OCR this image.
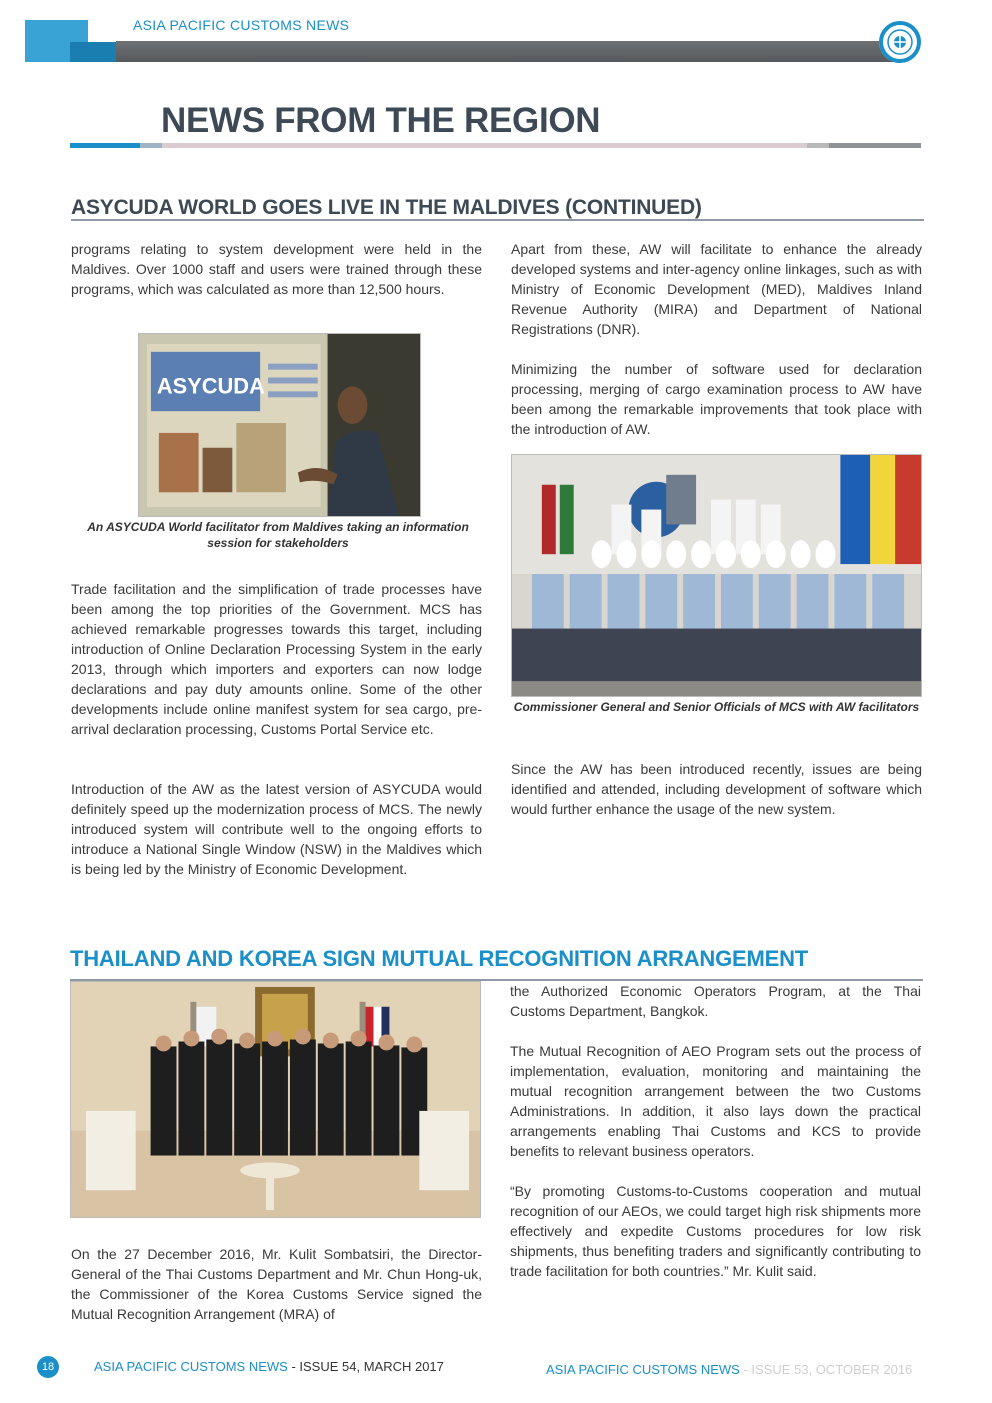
ASIA PACIFIC CUSTOMS NEWS
NEWS FROM THE REGION
ASYCUDA WORLD GOES LIVE IN THE MALDIVES (CONTINUED)
programs relating to system development were held in the Maldives. Over 1000 staff and users were trained through these programs, which was calculated as more than 12,500 hours.
ASYCUDA
An ASYCUDA World facilitator from Maldives taking an information session for stakeholders
Trade facilitation and the simplification of trade processes have been among the top priorities of the Government. MCS has achieved remarkable progresses towards this target, including introduction of Online Declaration Processing System in the early 2013, through which importers and exporters can now lodge declarations and pay duty amounts online. Some of the other developments include online manifest system for sea cargo, pre-arrival declaration processing, Customs Portal Service etc.
Introduction of the AW as the latest version of ASYCUDA would definitely speed up the modernization process of MCS. The newly introduced system will contribute well to the ongoing efforts to introduce a National Single Window (NSW) in the Maldives which is being led by the Ministry of Economic Development.
Apart from these, AW will facilitate to enhance the already developed systems and inter-agency online linkages, such as with Ministry of Economic Development (MED), Maldives Inland Revenue Authority (MIRA) and Department of National Registrations (DNR).
Minimizing the number of software used for declaration processing, merging of cargo examination process to AW have been among the remarkable improvements that took place with the introduction of AW.
Commissioner General and Senior Officials of MCS with AW facilitators
Since the AW has been introduced recently, issues are being identified and attended, including development of software which would further enhance the usage of the new system.
THAILAND AND KOREA SIGN MUTUAL RECOGNITION ARRANGEMENT
On the 27 December 2016, Mr. Kulit Sombatsiri, the Director-General of the Thai Customs Department and Mr. Chun Hong-uk, the Commissioner of the Korea Customs Service signed the Mutual Recognition Arrangement (MRA) of
the Authorized Economic Operators Program, at the Thai Customs Department, Bangkok.
The Mutual Recognition of AEO Program sets out the process of implementation, evaluation, monitoring and maintaining the mutual recognition arrangement between the two Customs Administrations. In addition, it also lays down the practical arrangements enabling Thai Customs and KCS to provide benefits to relevant business operators.
“By promoting Customs-to-Customs cooperation and mutual recognition of our AEOs, we could target high risk shipments more effectively and expedite Customs procedures for low risk shipments, thus benefiting traders and significantly contributing to trade facilitation for both countries.” Mr. Kulit said.
18	ASIA PACIFIC CUSTOMS NEWS - ISSUE 54, MARCH 2017	ASIA PACIFIC CUSTOMS NEWS - ISSUE 53, OCTOBER 2016
